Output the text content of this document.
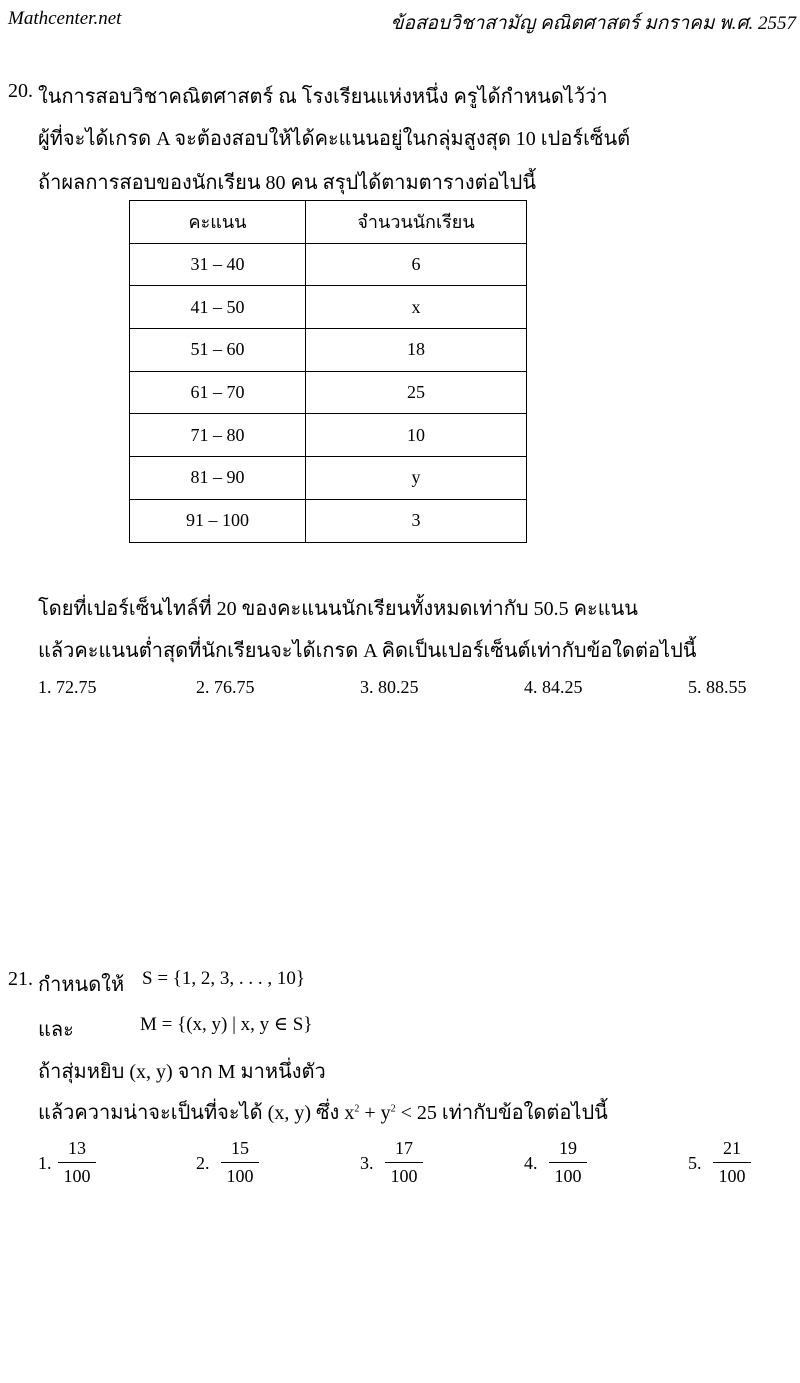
Mathcenter.net	ข้อสอบวิชาสามัญ คณิตศาสตร์ มกราคม พ.ศ. 2557
20. ในการสอบวิชาคณิตศาสตร์ ณ โรงเรียนแห่งหนึ่ง ครูได้กำหนดไว้ว่า
ผู้ที่จะได้เกรด A จะต้องสอบให้ได้คะแนนอยู่ในกลุ่มสูงสุด 10 เปอร์เซ็นต์
ถ้าผลการสอบของนักเรียน 80 คน สรุปได้ตามตารางต่อไปนี้
คะแนน	จำนวนนักเรียน
31 – 40	6
41 – 50	x
51 – 60	18
61 – 70	25
71 – 80	10
81 – 90	y
91 – 100	3
โดยที่เปอร์เซ็นไทล์ที่ 20 ของคะแนนนักเรียนทั้งหมดเท่ากับ 50.5 คะแนน
แล้วคะแนนต่ำสุดที่นักเรียนจะได้เกรด A คิดเป็นเปอร์เซ็นต์เท่ากับข้อใดต่อไปนี้
1. 72.75	2. 76.75	3. 80.25	4. 84.25	5. 88.55
21. กำหนดให้ S = {1, 2, 3, . . . , 10}
และ	M = {(x, y) | x, y ∈ S}
ถ้าสุ่มหยิบ (x, y) จาก M มาหนึ่งตัว
แล้วความน่าจะเป็นที่จะได้ (x, y) ซึ่ง $x^2 + y^2 < 25$ เท่ากับข้อใดต่อไปนี้
1.
13
100
2.
15
100
3.
17
100
4.
19
100
5.
21
100
